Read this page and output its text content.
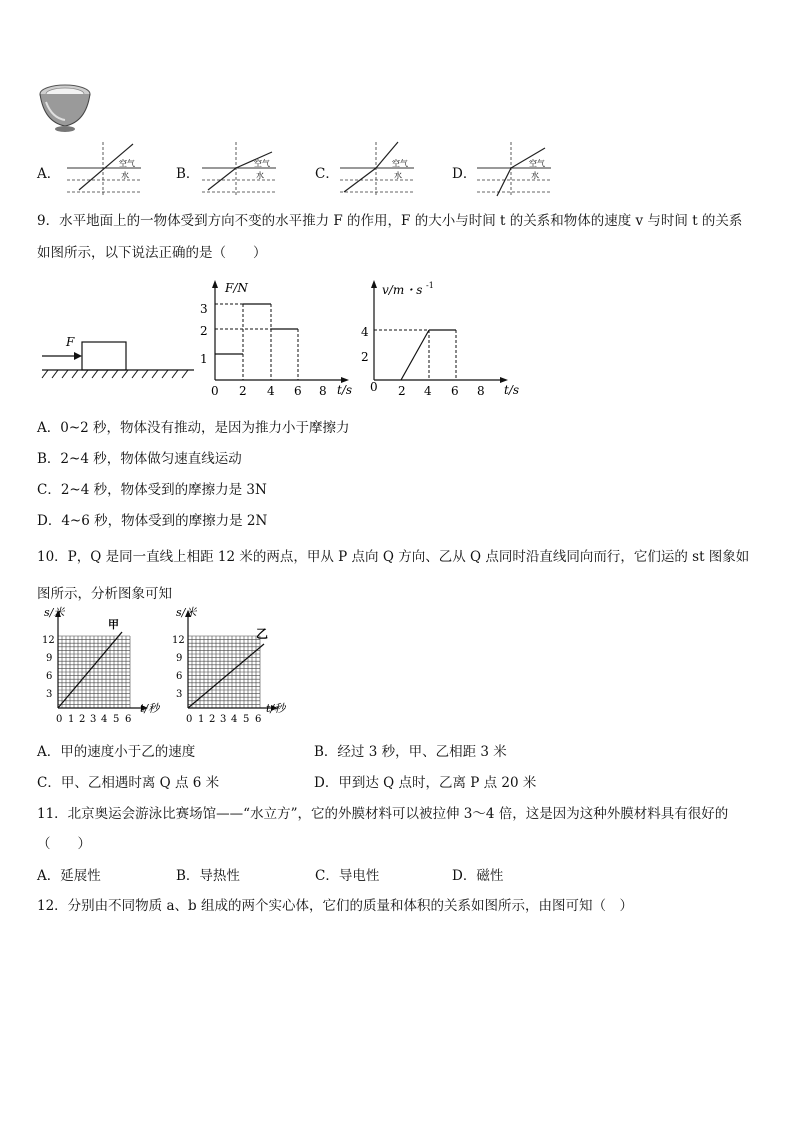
A．	B．	C．	D．
空气
水
空气
水
空气
水
空气
水
9．水平地面上的一物体受到方向不变的水平推力 F 的作用，F 的大小与时间 t 的关系和物体的速度 v 与时间 t 的关系
如图所示，以下说法正确的是（　　）
F
F/N
t/s
0 2 4 6 8
1
2
3
v/m・s -1
t/s
0 2 4 6 8
2
4
A．0~2 秒，物体没有推动，是因为推力小于摩擦力
B．2~4 秒，物体做匀速直线运动
C．2~4 秒，物体受到的摩擦力是 3N
D．4~6 秒，物体受到的摩擦力是 2N
10．P，Q 是同一直线上相距 12 米的两点，甲从 P 点向 Q 方向、乙从 Q 点同时沿直线同向而行，它们运的 st 图象如
图所示，分析图象可知
s/米
t/秒
甲
12
9
6
3
0 1 2 3 4 5 6
s/米
t/秒
乙
12
9
6
3
0 1 2 3 4 5 6
A．甲的速度小于乙的速度	B．经过 3 秒，甲、乙相距 3 米
C．甲、乙相遇时离 Q 点 6 米	D．甲到达 Q 点时，乙离 P 点 20 米
11．北京奥运会游泳比赛场馆——“水立方”，它的外膜材料可以被拉伸 3～4 倍，这是因为这种外膜材料具有很好的
（　　）
A．延展性	B．导热性	C．导电性	D．磁性
12．分别由不同物质 a、b 组成的两个实心体，它们的质量和体积的关系如图所示，由图可知（　）
